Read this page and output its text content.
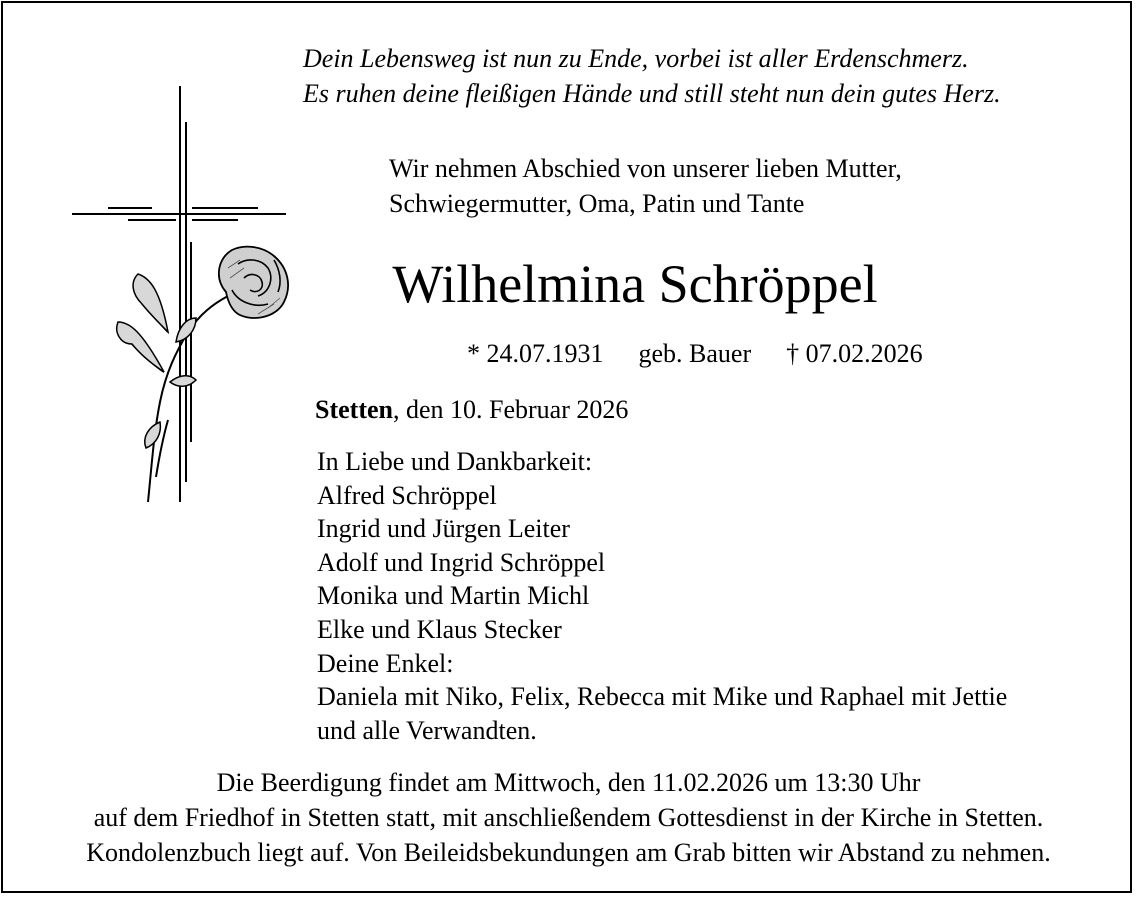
Dein Lebensweg ist nun zu Ende, vorbei ist aller Erdenschmerz.
Es ruhen deine fleißigen Hände und still steht nun dein gutes Herz.
Wir nehmen Abschied von unserer lieben Mutter,
Schwiegermutter, Oma, Patin und Tante
Wilhelmina Schröppel
* 24.07.1931 geb. Bauer † 07.02.2026
Stetten, den 10. Februar 2026
In Liebe und Dankbarkeit:
Alfred Schröppel
Ingrid und Jürgen Leiter
Adolf und Ingrid Schröppel
Monika und Martin Michl
Elke und Klaus Stecker
Deine Enkel:
Daniela mit Niko, Felix, Rebecca mit Mike und Raphael mit Jettie
und alle Verwandten.
Die Beerdigung findet am Mittwoch, den 11.02.2026 um 13:30 Uhr
auf dem Friedhof in Stetten statt, mit anschließendem Gottesdienst in der Kirche in Stetten.
Kondolenzbuch liegt auf. Von Beileidsbekundungen am Grab bitten wir Abstand zu nehmen.
